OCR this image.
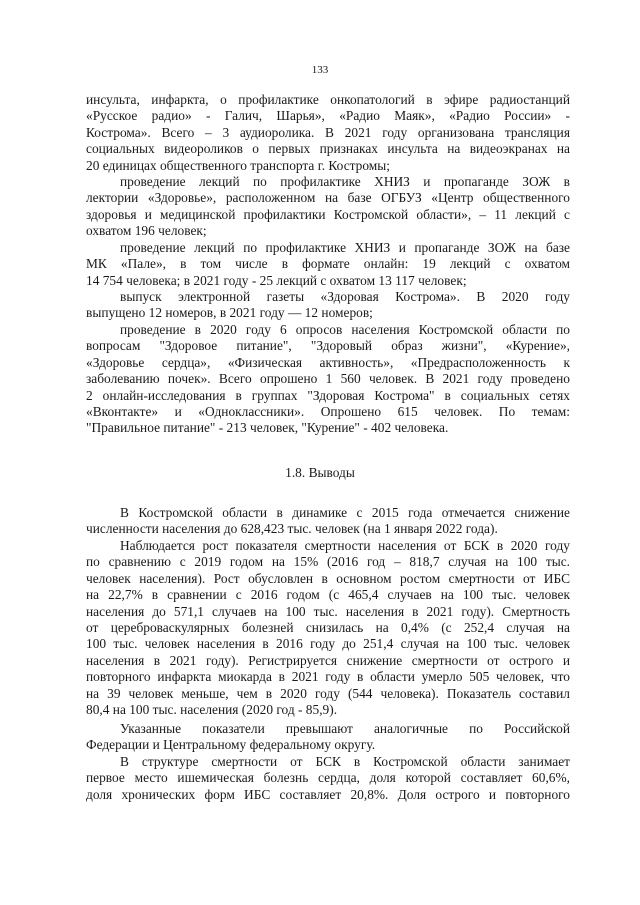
133
инсульта, инфаркта, о профилактике онкопатологий в эфире радиостанций
«Русское радио» - Галич, Шарья», «Радио Маяк», «Радио России» -
Кострома». Всего – 3 аудиоролика. В 2021 году организована трансляция
социальных видеороликов о первых признаках инсульта на видеоэкранах на
20 единицах общественного транспорта г. Костромы;
проведение лекций по профилактике ХНИЗ и пропаганде ЗОЖ в
лектории «Здоровье», расположенном на базе ОГБУЗ «Центр общественного
здоровья и медицинской профилактики Костромской области», – 11 лекций с
охватом 196 человек;
проведение лекций по профилактике ХНИЗ и пропаганде ЗОЖ на базе
МК «Пале», в том числе в формате онлайн: 19 лекций с охватом
14 754 человека; в 2021 году - 25 лекций с охватом 13 117 человек;
выпуск электронной газеты «Здоровая Кострома». В 2020 году
выпущено 12 номеров, в 2021 году — 12 номеров;
проведение в 2020 году 6 опросов населения Костромской области по
вопросам "Здоровое питание", "Здоровый образ жизни", «Курение»,
«Здоровье сердца», «Физическая активность», «Предрасположенность к
заболеванию почек». Всего опрошено 1 560 человек. В 2021 году проведено
2 онлайн-исследования в группах "Здоровая Кострома" в социальных сетях
«Вконтакте» и «Одноклассники». Опрошено 615 человек. По темам:
"Правильное питание" - 213 человек, "Курение" - 402 человека.
1.8. Выводы
В Костромской области в динамике с 2015 года отмечается снижение
численности населения до 628,423 тыс. человек (на 1 января 2022 года).
Наблюдается рост показателя смертности населения от БСК в 2020 году
по сравнению с 2019 годом на 15% (2016 год – 818,7 случая на 100 тыс.
человек населения). Рост обусловлен в основном ростом смертности от ИБС
на 22,7% в сравнении с 2016 годом (с 465,4 случаев на 100 тыс. человек
населения до 571,1 случаев на 100 тыс. населения в 2021 году). Смертность
от цереброваскулярных болезней снизилась на 0,4% (с 252,4 случая на
100 тыс. человек населения в 2016 году до 251,4 случая на 100 тыс. человек
населения в 2021 году). Регистрируется снижение смертности от острого и
повторного инфаркта миокарда в 2021 году в области умерло 505 человек, что
на 39 человек меньше, чем в 2020 году (544 человека). Показатель составил
80,4 на 100 тыс. населения (2020 год - 85,9).
Указанные показатели превышают аналогичные по Российской
Федерации и Центральному федеральному округу.
В структуре смертности от БСК в Костромской области занимает
первое место ишемическая болезнь сердца, доля которой составляет 60,6%,
доля хронических форм ИБС составляет 20,8%. Доля острого и повторного
